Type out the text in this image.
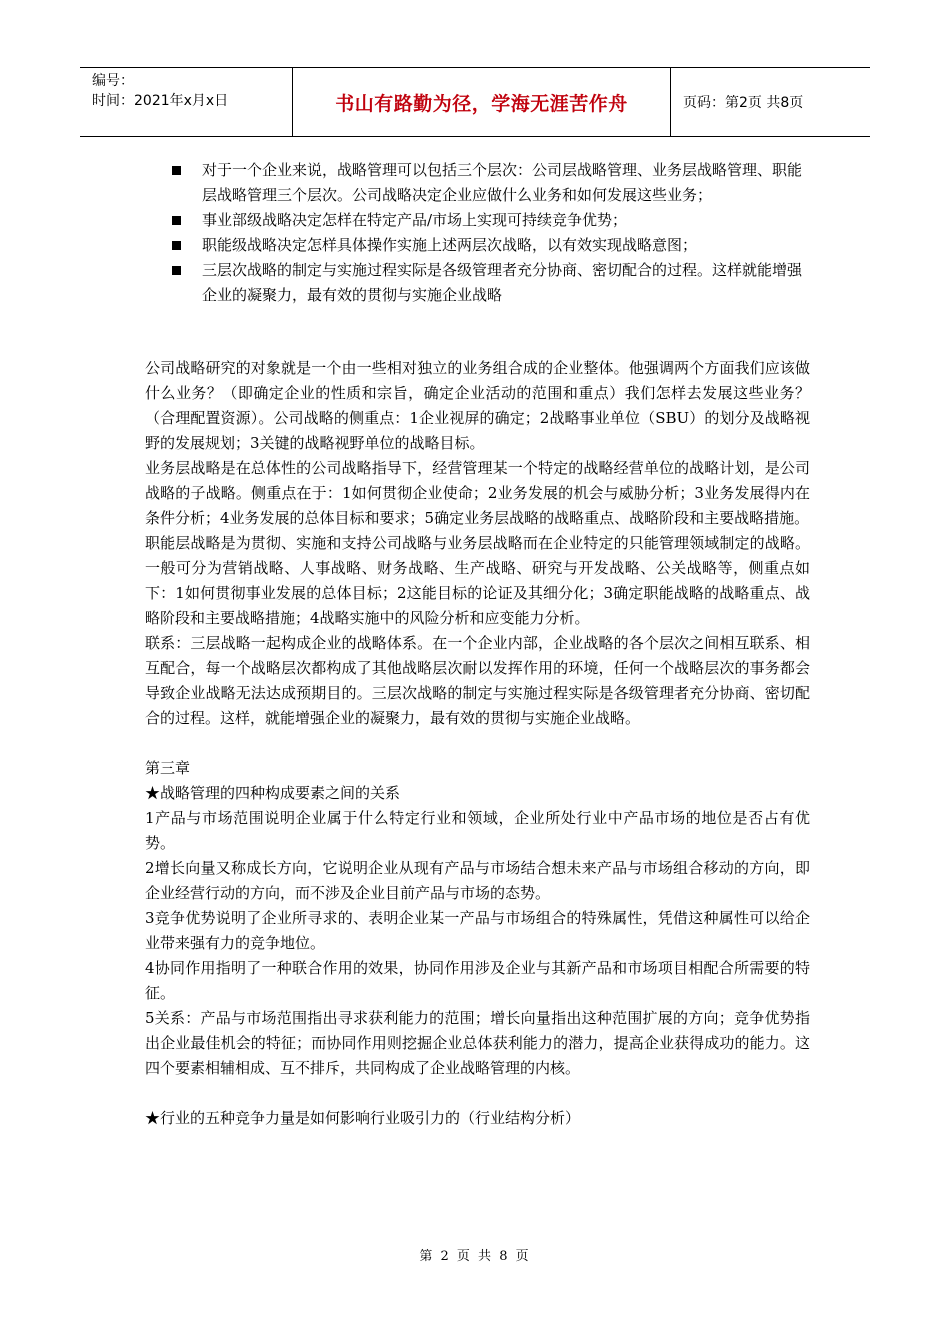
编号：
时间：2021年x月x日	书山有路勤为径，学海无涯苦作舟	页码：第2页 共8页
对于一个企业来说，战略管理可以包括三个层次：公司层战略管理、业务层战略管理、职能层战略管理三个层次。公司战略决定企业应做什么业务和如何发展这些业务；
事业部级战略决定怎样在特定产品/市场上实现可持续竞争优势；
职能级战略决定怎样具体操作实施上述两层次战略，以有效实现战略意图；
三层次战略的制定与实施过程实际是各级管理者充分协商、密切配合的过程。这样就能增强企业的凝聚力，最有效的贯彻与实施企业战略

公司战略研究的对象就是一个由一些相对独立的业务组合成的企业整体。他强调两个方面我们应该做什么业务？（即确定企业的性质和宗旨，确定企业活动的范围和重点）我们怎样去发展这些业务？（合理配置资源）。公司战略的侧重点：1企业视屏的确定；2战略事业单位（SBU）的划分及战略视野的发展规划；3关键的战略视野单位的战略目标。

业务层战略是在总体性的公司战略指导下，经营管理某一个特定的战略经营单位的战略计划，是公司战略的子战略。侧重点在于：1如何贯彻企业使命；2业务发展的机会与威胁分析；3业务发展得内在条件分析；4业务发展的总体目标和要求；5确定业务层战略的战略重点、战略阶段和主要战略措施。

职能层战略是为贯彻、实施和支持公司战略与业务层战略而在企业特定的只能管理领域制定的战略。一般可分为营销战略、人事战略、财务战略、生产战略、研究与开发战略、公关战略等，侧重点如下：1如何贯彻事业发展的总体目标；2这能目标的论证及其细分化；3确定职能战略的战略重点、战略阶段和主要战略措施；4战略实施中的风险分析和应变能力分析。

联系：三层战略一起构成企业的战略体系。在一个企业内部，企业战略的各个层次之间相互联系、相互配合，每一个战略层次都构成了其他战略层次耐以发挥作用的环境，任何一个战略层次的事务都会导致企业战略无法达成预期目的。三层次战略的制定与实施过程实际是各级管理者充分协商、密切配合的过程。这样，就能增强企业的凝聚力，最有效的贯彻与实施企业战略。

第三章

★战略管理的四种构成要素之间的关系

1产品与市场范围说明企业属于什么特定行业和领域，企业所处行业中产品市场的地位是否占有优势。

2增长向量又称成长方向，它说明企业从现有产品与市场结合想未来产品与市场组合移动的方向，即企业经营行动的方向，而不涉及企业目前产品与市场的态势。

3竞争优势说明了企业所寻求的、表明企业某一产品与市场组合的特殊属性，凭借这种属性可以给企业带来强有力的竞争地位。

4协同作用指明了一种联合作用的效果，协同作用涉及企业与其新产品和市场项目相配合所需要的特征。

5关系：产品与市场范围指出寻求获利能力的范围；增长向量指出这种范围扩展的方向；竞争优势指出企业最佳机会的特征；而协同作用则挖掘企业总体获利能力的潜力，提高企业获得成功的能力。这四个要素相辅相成、互不排斥，共同构成了企业战略管理的内核。

★行业的五种竞争力量是如何影响行业吸引力的（行业结构分析）

第 2 页 共 8 页
